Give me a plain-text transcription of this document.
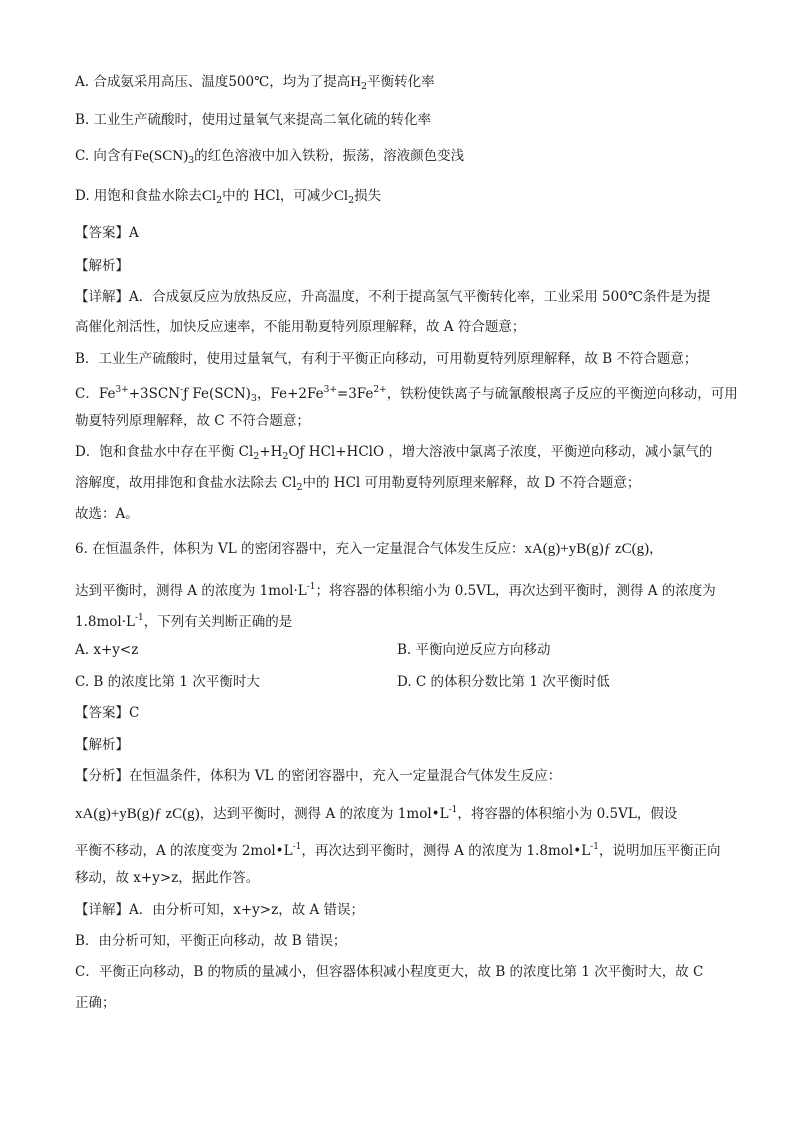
A. 合成氨采用高压、温度500℃，均为了提高$H_2$平衡转化率
B. 工业生产硫酸时，使用过量氧气来提高二氧化硫的转化率
C. 向含有$Fe(SCN)_3$的红色溶液中加入铁粉，振荡，溶液颜色变浅
D. 用饱和食盐水除去$Cl_2$中的 HCl，可减少$Cl_2$损失
【答案】A
【解析】
【详解】A．合成氨反应为放热反应，升高温度，不利于提高氢气平衡转化率，工业采用 500℃条件是为提
高催化剂活性，加快反应速率，不能用勒夏特列原理解释，故 A 符合题意；
B．工业生产硫酸时，使用过量氧气，有利于平衡正向移动，可用勒夏特列原理解释，故 B 不符合题意；
C．$Fe^{3+}+3SCN^-ƒ$ $Fe(SCN)_3$，$Fe+2Fe^{3+}=3Fe^{2+}$，铁粉使铁离子与硫氰酸根离子反应的平衡逆向移动，可用
勒夏特列原理解释，故 C 不符合题意；
D．饱和食盐水中存在平衡 $Cl_2+H_2Oƒ$ HCl+HClO ，增大溶液中氯离子浓度，平衡逆向移动，减小氯气的
溶解度，故用排饱和食盐水法除去 $Cl_2$中的 HCl 可用勒夏特列原理来解释，故 D 不符合题意；
故选：A。
6. 在恒温条件，体积为 VL 的密闭容器中，充入一定量混合气体发生反应：xA(g)+yB(g)ƒ zC(g)，
达到平衡时，测得 A 的浓度为 $1mol\cdot L^{-1}$；将容器的体积缩小为 0.5VL，再次达到平衡时，测得 A 的浓度为
$1.8mol\cdot L^{-1}$，下列有关判断正确的是
A. x+y<z	B. 平衡向逆反应方向移动
C. B 的浓度比第 1 次平衡时大	D. C 的体积分数比第 1 次平衡时低
【答案】C
【解析】
【分析】在恒温条件，体积为 VL 的密闭容器中，充入一定量混合气体发生反应：
xA(g)+yB(g)ƒ zC(g)，达到平衡时，测得 A 的浓度为 $1mol•L^{-1}$，将容器的体积缩小为 0.5VL，假设
平衡不移动，A 的浓度变为 $2mol•L^{-1}$，再次达到平衡时，测得 A 的浓度为 $1.8mol•L^{-1}$，说明加压平衡正向
移动，故 x+y>z，据此作答。
【详解】A．由分析可知，x+y>z，故 A 错误；
B．由分析可知，平衡正向移动，故 B 错误；
C．平衡正向移动，B 的物质的量减小，但容器体积减小程度更大，故 B 的浓度比第 1 次平衡时大，故 C
正确；
